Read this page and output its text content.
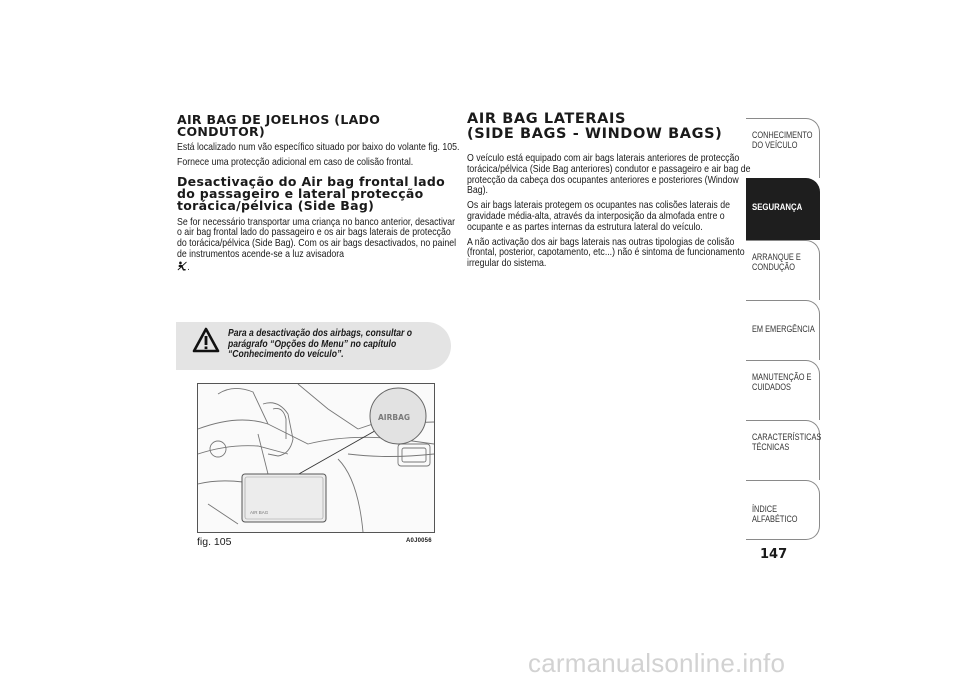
AIR BAG DE JOELHOS (LADO CONDUTOR)

Está localizado num vão específico situado por baixo do volante fig. 105.

Fornece uma protecção adicional em caso de colisão frontal.

Desactivação do Air bag frontal lado do passageiro e lateral protecção torácica/pélvica (Side Bag)

Se for necessário transportar uma criança no banco anterior, desactivar o air bag frontal lado do passageiro e os air bags laterais de protecção do torácica/pélvica (Side Bag). Com os air bags desactivados, no painel de instrumentos acende-se a luz avisadora
.

Para a desactivação dos airbags, consultar o parágrafo “Opções do Menu” no capítulo “Conhecimento do veículo”.
AIR BAG
AIRBAG
fig. 105	A0J0056
AIR BAG LATERAIS
(SIDE BAGS - WINDOW BAGS)

O veículo está equipado com air bags laterais anteriores de protecção torácica/pélvica (Side Bag anteriores) condutor e passageiro e air bag de protecção da cabeça dos ocupantes anteriores e posteriores (Window Bag).

Os air bags laterais protegem os ocupantes nas colisões laterais de gravidade média-alta, através da interposição da almofada entre o ocupante e as partes internas da estrutura lateral do veículo.

A não activação dos air bags laterais nas outras tipologias de colisão (frontal, posterior, capotamento, etc...) não é sintoma de funcionamento irregular do sistema.

CONHECIMENTO DO VEÍCULO
SEGURANÇA
ARRANQUE E CONDUÇÃO
EM EMERGÊNCIA
MANUTENÇÃO E CUIDADOS
CARACTERÍSTICAS TÉCNICAS
ÍNDICE ALFABÉTICO
147
carmanualsonline.info
